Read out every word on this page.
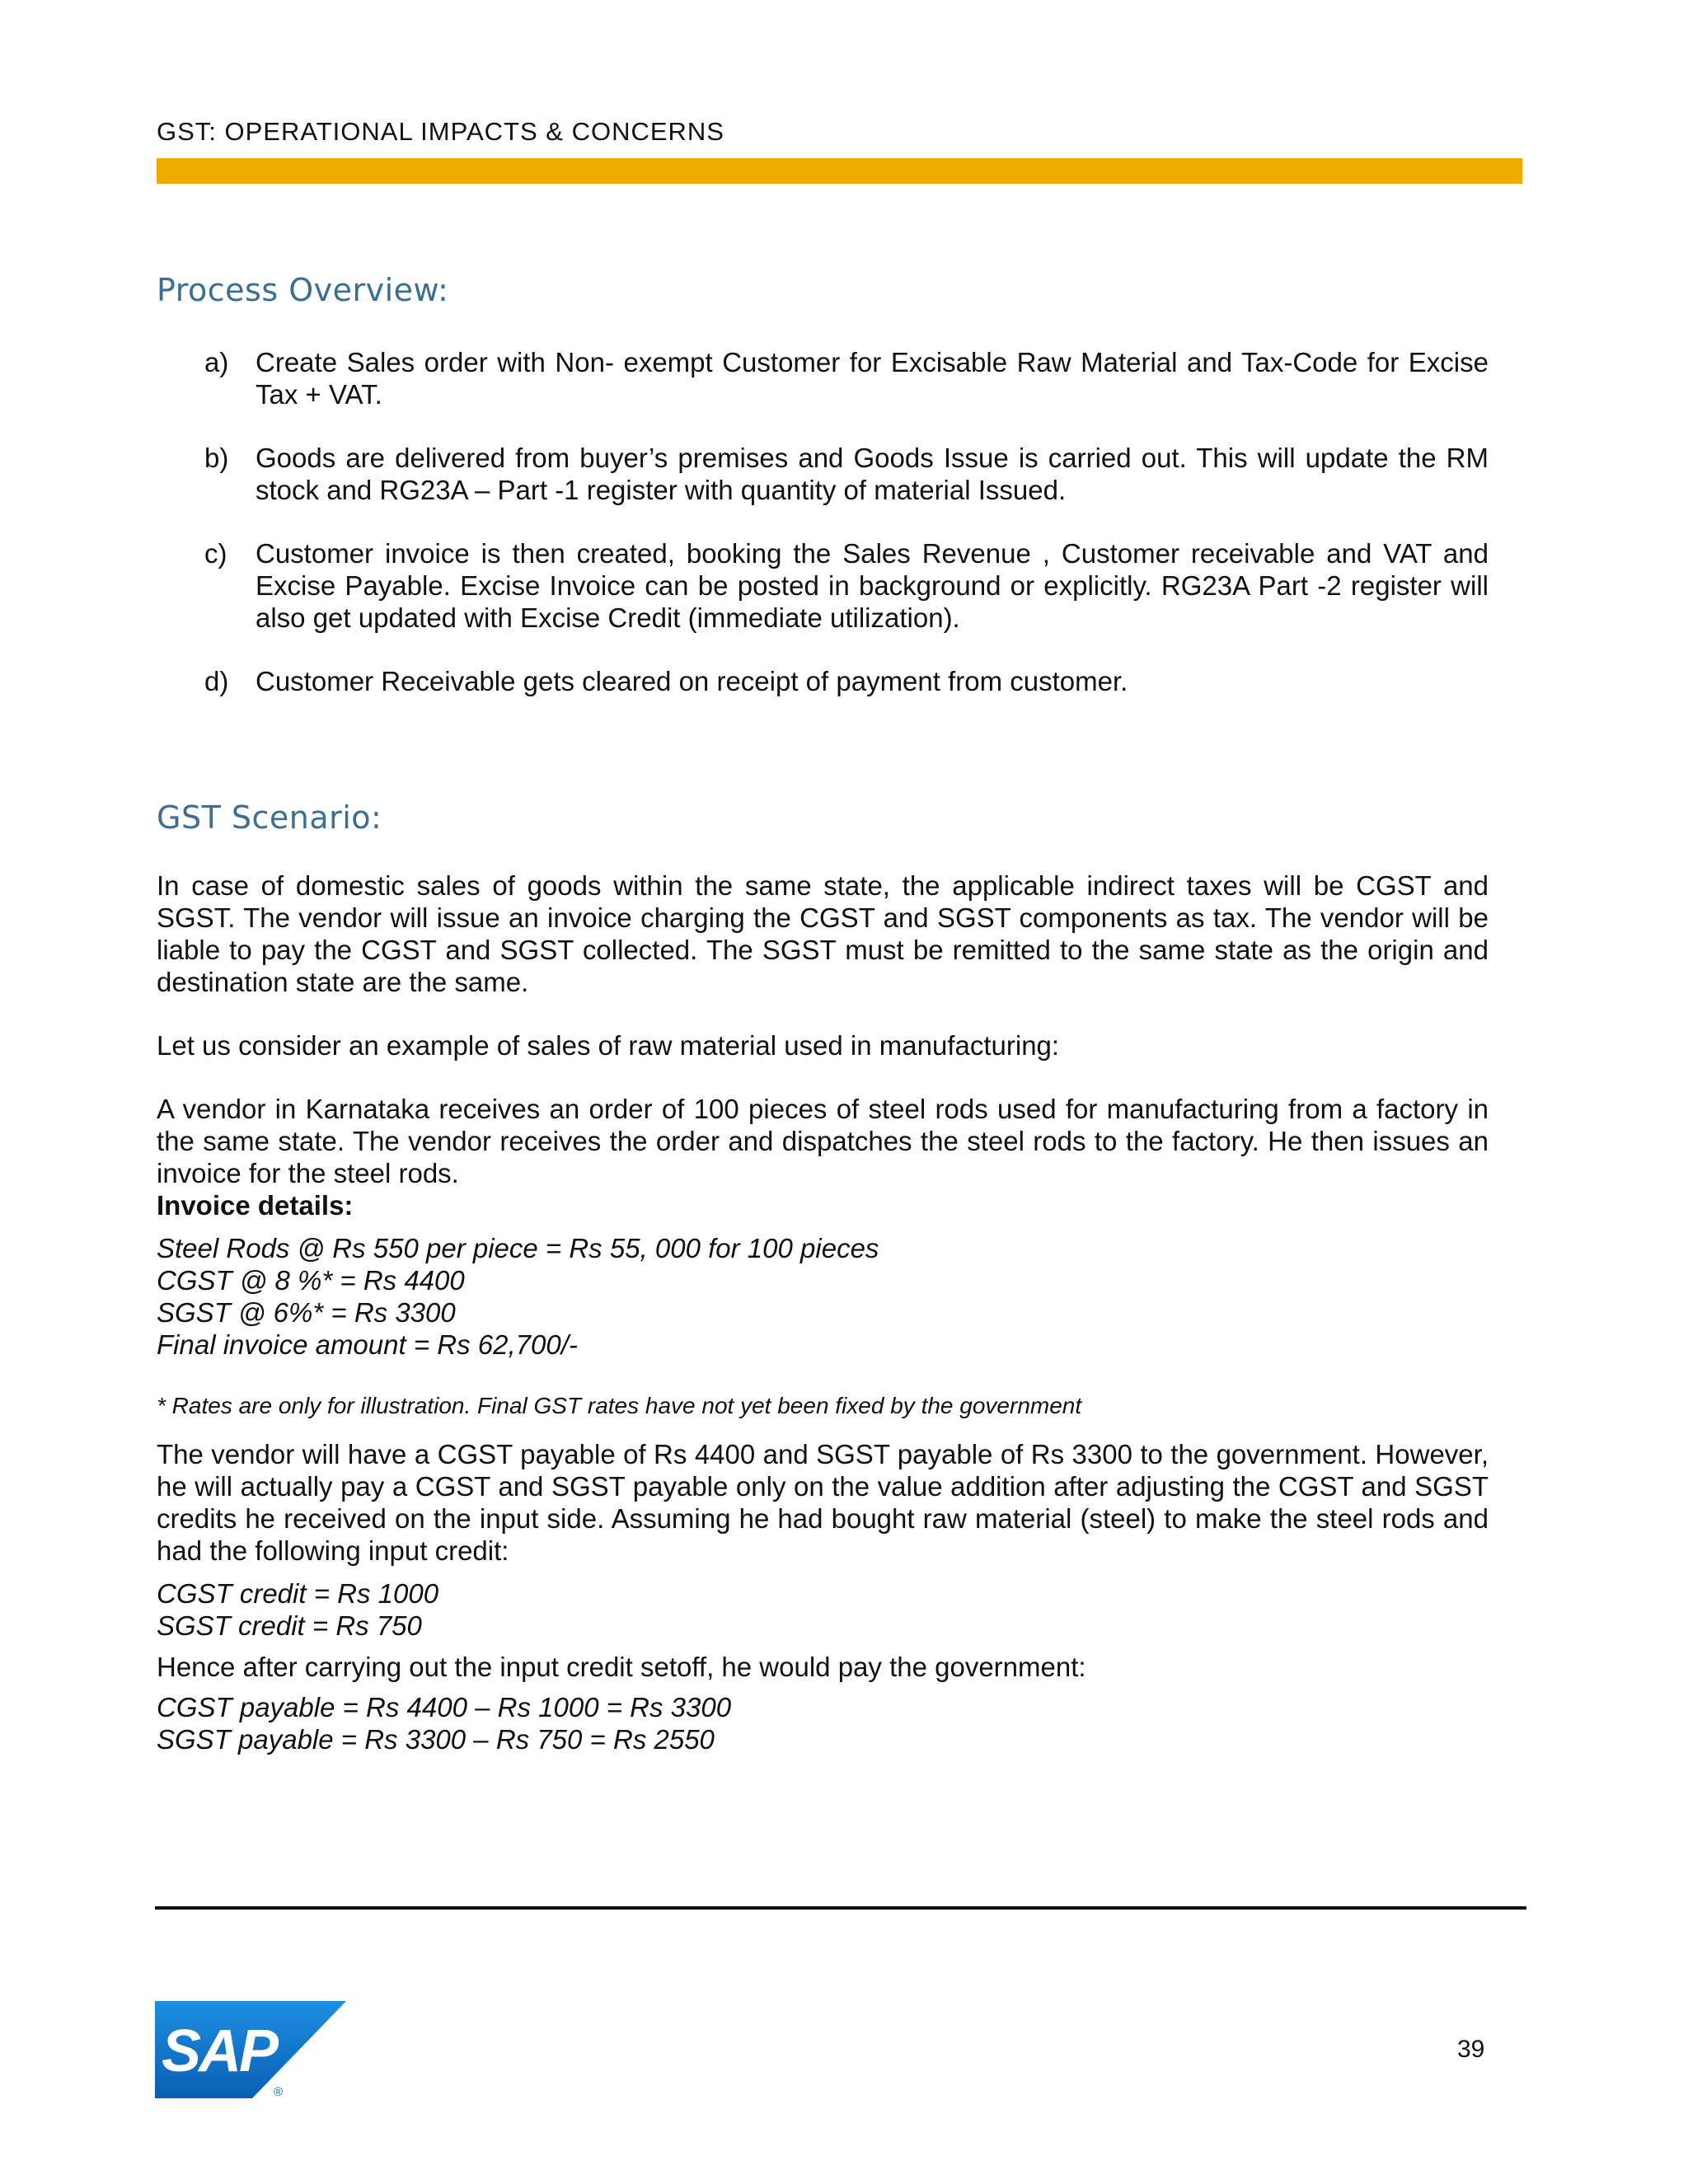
GST: OPERATIONAL IMPACTS & CONCERNS
Process Overview:
a) Create Sales order with Non- exempt Customer for Excisable Raw Material and Tax-Code for Excise Tax + VAT.
b) Goods are delivered from buyer’s premises and Goods Issue is carried out. This will update the RM stock and RG23A – Part -1 register with quantity of material Issued.
c) Customer invoice is then created, booking the Sales Revenue , Customer receivable and VAT and Excise Payable. Excise Invoice can be posted in background or explicitly. RG23A Part -2 register will also get updated with Excise Credit (immediate utilization).
d) Customer Receivable gets cleared on receipt of payment from customer.
GST Scenario:
In case of domestic sales of goods within the same state, the applicable indirect taxes will be CGST and SGST. The vendor will issue an invoice charging the CGST and SGST components as tax. The vendor will be liable to pay the CGST and SGST collected. The SGST must be remitted to the same state as the origin and destination state are the same.
Let us consider an example of sales of raw material used in manufacturing:
A vendor in Karnataka receives an order of 100 pieces of steel rods used for manufacturing from a factory in the same state. The vendor receives the order and dispatches the steel rods to the factory. He then issues an invoice for the steel rods.
Invoice details:
Steel Rods @ Rs 550 per piece = Rs 55, 000 for 100 pieces
CGST @ 8 %* = Rs 4400
SGST @ 6%* = Rs 3300
Final invoice amount = Rs 62,700/-
* Rates are only for illustration. Final GST rates have not yet been fixed by the government
The vendor will have a CGST payable of Rs 4400 and SGST payable of Rs 3300 to the government. However, he will actually pay a CGST and SGST payable only on the value addition after adjusting the CGST and SGST credits he received on the input side. Assuming he had bought raw material (steel) to make the steel rods and had the following input credit:
CGST credit = Rs 1000
SGST credit = Rs 750
Hence after carrying out the input credit setoff, he would pay the government:
CGST payable = Rs 4400 – Rs 1000 = Rs 3300
SGST payable = Rs 3300 – Rs 750 = Rs 2550
SAP
®
39
